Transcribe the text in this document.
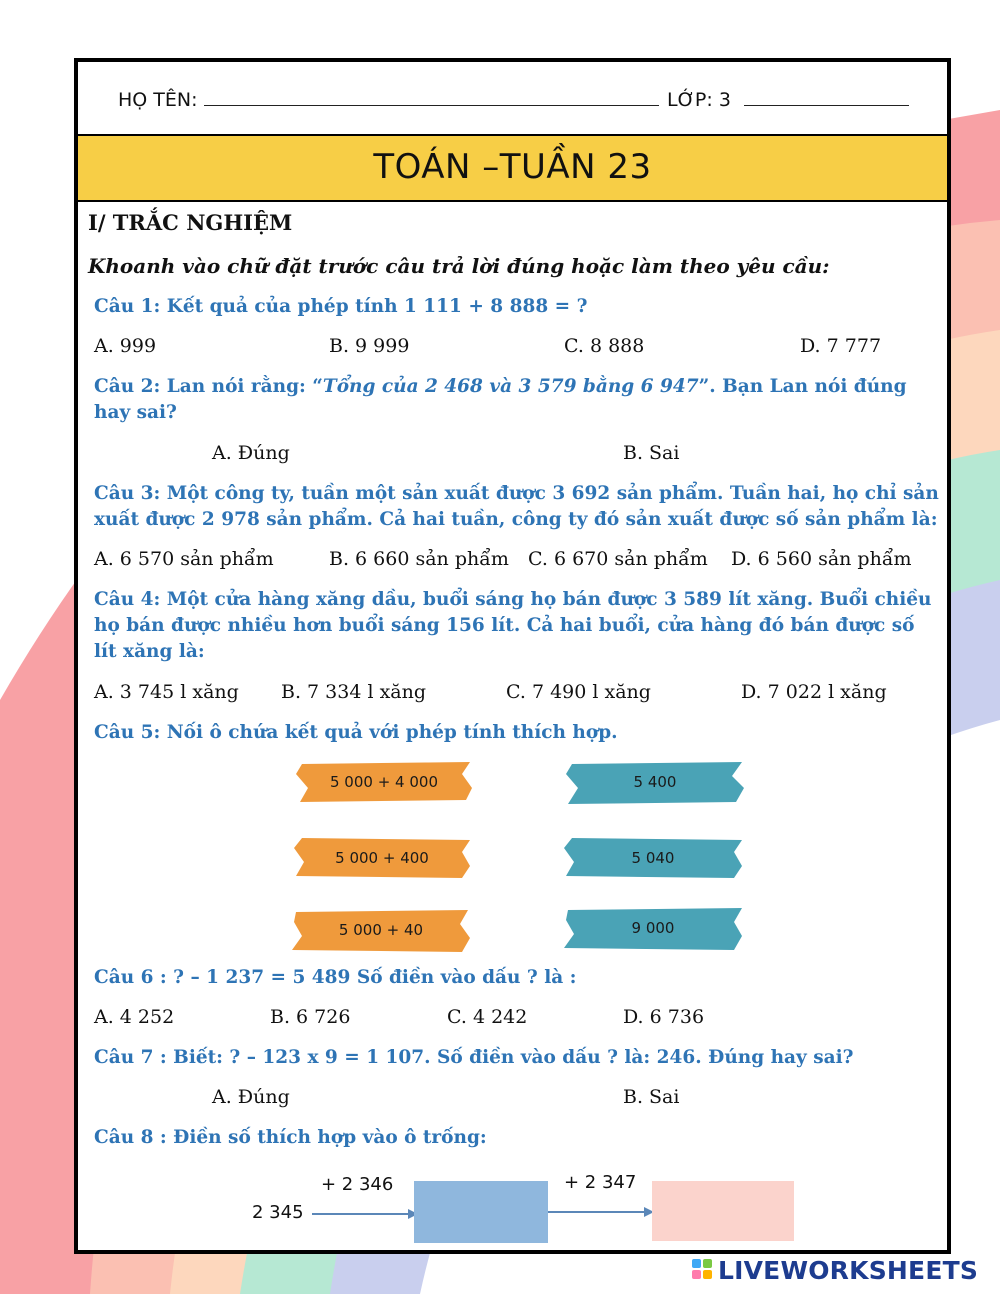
HỌ TÊN:	LỚP: 3
TOÁN –TUẦN 23
I/ TRẮC NGHIỆM
Khoanh vào chữ đặt trước câu trả lời đúng hoặc làm theo yêu cầu:
Câu 1: Kết quả của phép tính 1 111 + 8 888 = ?
A. 999	B. 9 999	C. 8 888	D. 7 777
Câu 2: Lan nói rằng: “Tổng của 2 468 và 3 579 bằng 6 947”. Bạn Lan nói đúng hay sai?
A. Đúng	B. Sai
Câu 3: Một công ty, tuần một sản xuất được 3 692 sản phẩm. Tuần hai, họ chỉ sản xuất được 2 978 sản phẩm. Cả hai tuần, công ty đó sản xuất được số sản phẩm là:
A. 6 570 sản phẩm	B. 6 660 sản phẩm C. 6 670 sản phẩm D. 6 560 sản phẩm
Câu 4: Một cửa hàng xăng dầu, buổi sáng họ bán được 3 589 lít xăng. Buổi chiều họ bán được nhiều hơn buổi sáng 156 lít. Cả hai buổi, cửa hàng đó bán được số lít xăng là:
A. 3 745 l xăng B. 7 334 l xăng	C. 7 490 l xăng	D. 7 022 l xăng
Câu 5: Nối ô chứa kết quả với phép tính thích hợp.
5 000 + 4 000
5 000 + 400
5 000 + 40
5 400
5 040
9 000
Câu 6 : ? – 1 237 = 5 489 Số điền vào dấu ? là :
A. 4 252	B. 6 726	C. 4 242	D. 6 736
Câu 7 : Biết: ? – 123 x 9 = 1 107. Số điền vào dấu ? là: 246. Đúng hay sai?
A. Đúng	B. Sai
Câu 8 : Điền số thích hợp vào ô trống:
2 345
+ 2 346	+ 2 347
LIVEWORKSHEETS
